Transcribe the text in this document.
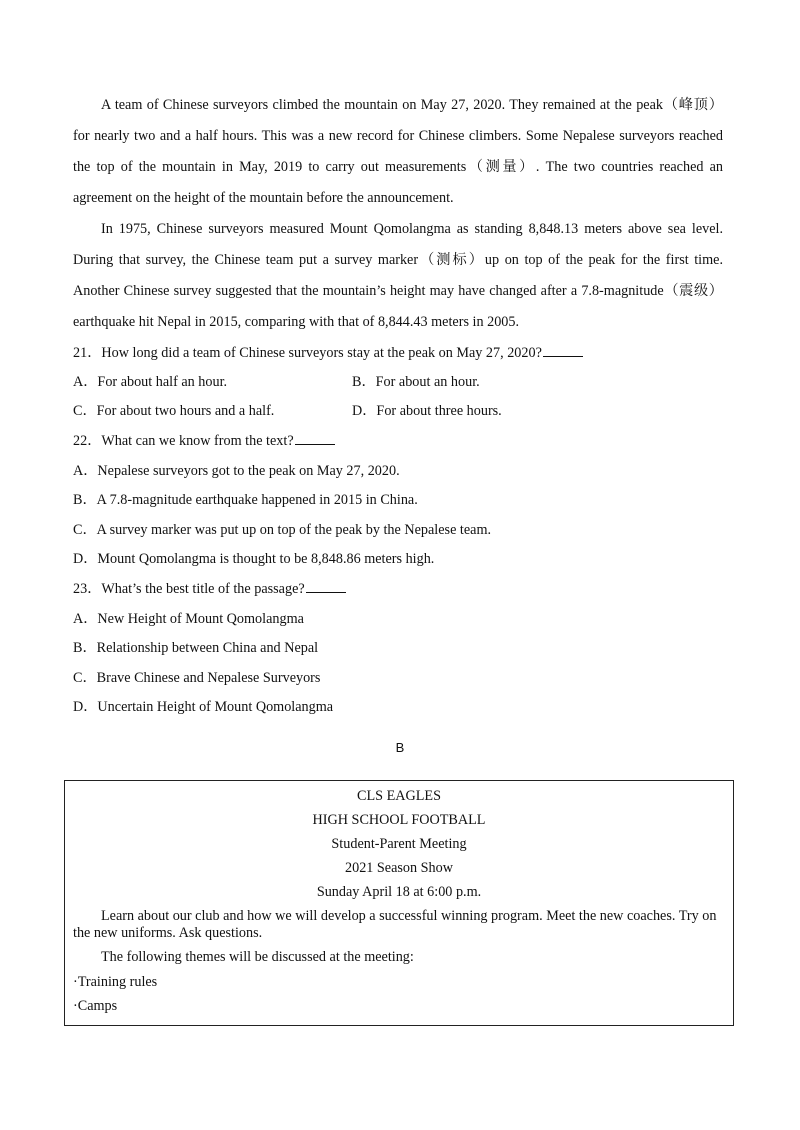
A team of Chinese surveyors climbed the mountain on May 27, 2020. They remained at the peak（峰顶）for nearly two and a half hours. This was a new record for Chinese climbers. Some Nepalese surveyors reached the top of the mountain in May, 2019 to carry out measurements（测量）. The two countries reached an agreement on the height of the mountain before the announcement.

In 1975, Chinese surveyors measured Mount Qomolangma as standing 8,848.13 meters above sea level. During that survey, the Chinese team put a survey marker（测标）up on top of the peak for the first time. Another Chinese survey suggested that the mountain’s height may have changed after a 7.8-magnitude（震级）earthquake hit Nepal in 2015, comparing with that of 8,844.43 meters in 2005.

21．How long did a team of Chinese surveyors stay at the peak on May 27, 2020?
A．For about half an hour.	B．For about an hour.
C．For about two hours and a half.	D．For about three hours.
22．What can we know from the text?
A．Nepalese surveyors got to the peak on May 27, 2020.
B．A 7.8-magnitude earthquake happened in 2015 in China.
C．A survey marker was put up on top of the peak by the Nepalese team.
D．Mount Qomolangma is thought to be 8,848.86 meters high.
23．What’s the best title of the passage?
A．New Height of Mount Qomolangma
B．Relationship between China and Nepal
C．Brave Chinese and Nepalese Surveyors
D．Uncertain Height of Mount Qomolangma
B
CLS EAGLES
HIGH SCHOOL FOOTBALL
Student-Parent Meeting
2021 Season Show
Sunday April 18 at 6:00 p.m.

Learn about our club and how we will develop a successful winning program. Meet the new coaches. Try on the new uniforms. Ask questions.

The following themes will be discussed at the meeting:

·Training rules
·Camps
